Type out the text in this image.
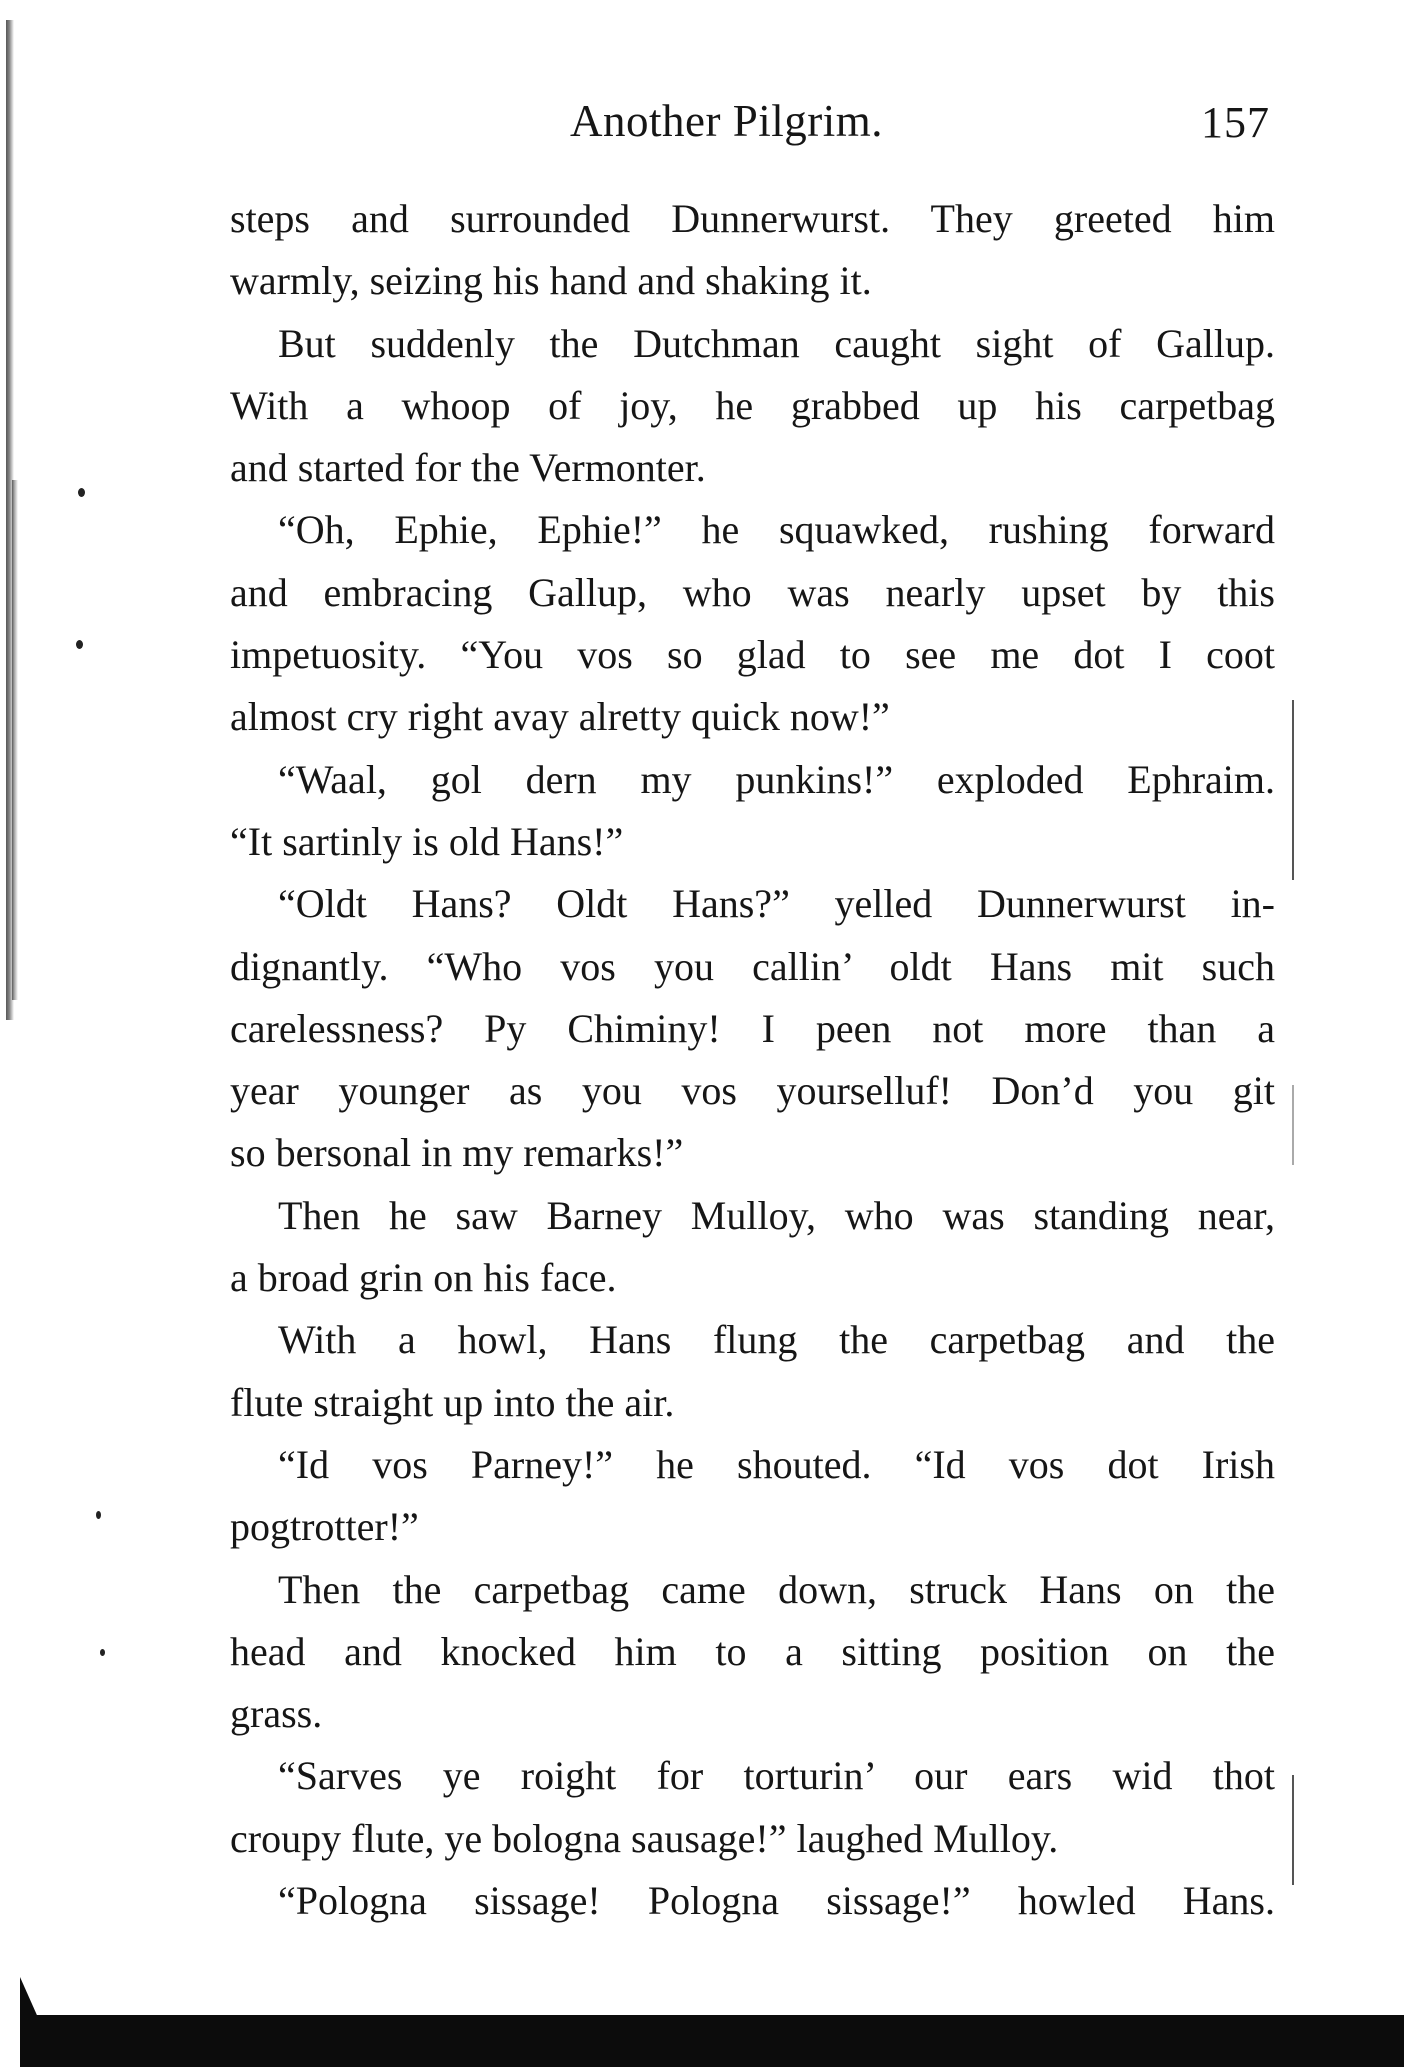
Another Pilgrim.	157
steps and surrounded Dunnerwurst. They greeted him
warmly, seizing his hand and shaking it.
But suddenly the Dutchman caught sight of Gallup.
With a whoop of joy, he grabbed up his carpetbag
and started for the Vermonter.
“Oh, Ephie, Ephie!” he squawked, rushing forward
and embracing Gallup, who was nearly upset by this
impetuosity. “You vos so glad to see me dot I coot
almost cry right avay alretty quick now!”
“Waal, gol dern my punkins!” exploded Ephraim.
“It sartinly is old Hans!”
“Oldt Hans? Oldt Hans?” yelled Dunnerwurst in-
dignantly. “Who vos you callin’ oldt Hans mit such
carelessness? Py Chiminy! I peen not more than a
year younger as you vos yourselluf! Don’d you git
so bersonal in my remarks!”
Then he saw Barney Mulloy, who was standing near,
a broad grin on his face.
With a howl, Hans flung the carpetbag and the
flute straight up into the air.
“Id vos Parney!” he shouted. “Id vos dot Irish
pogtrotter!”
Then the carpetbag came down, struck Hans on the
head and knocked him to a sitting position on the
grass.
“Sarves ye roight for torturin’ our ears wid thot
croupy flute, ye bologna sausage!” laughed Mulloy.
“Pologna sissage! Pologna sissage!” howled Hans.
